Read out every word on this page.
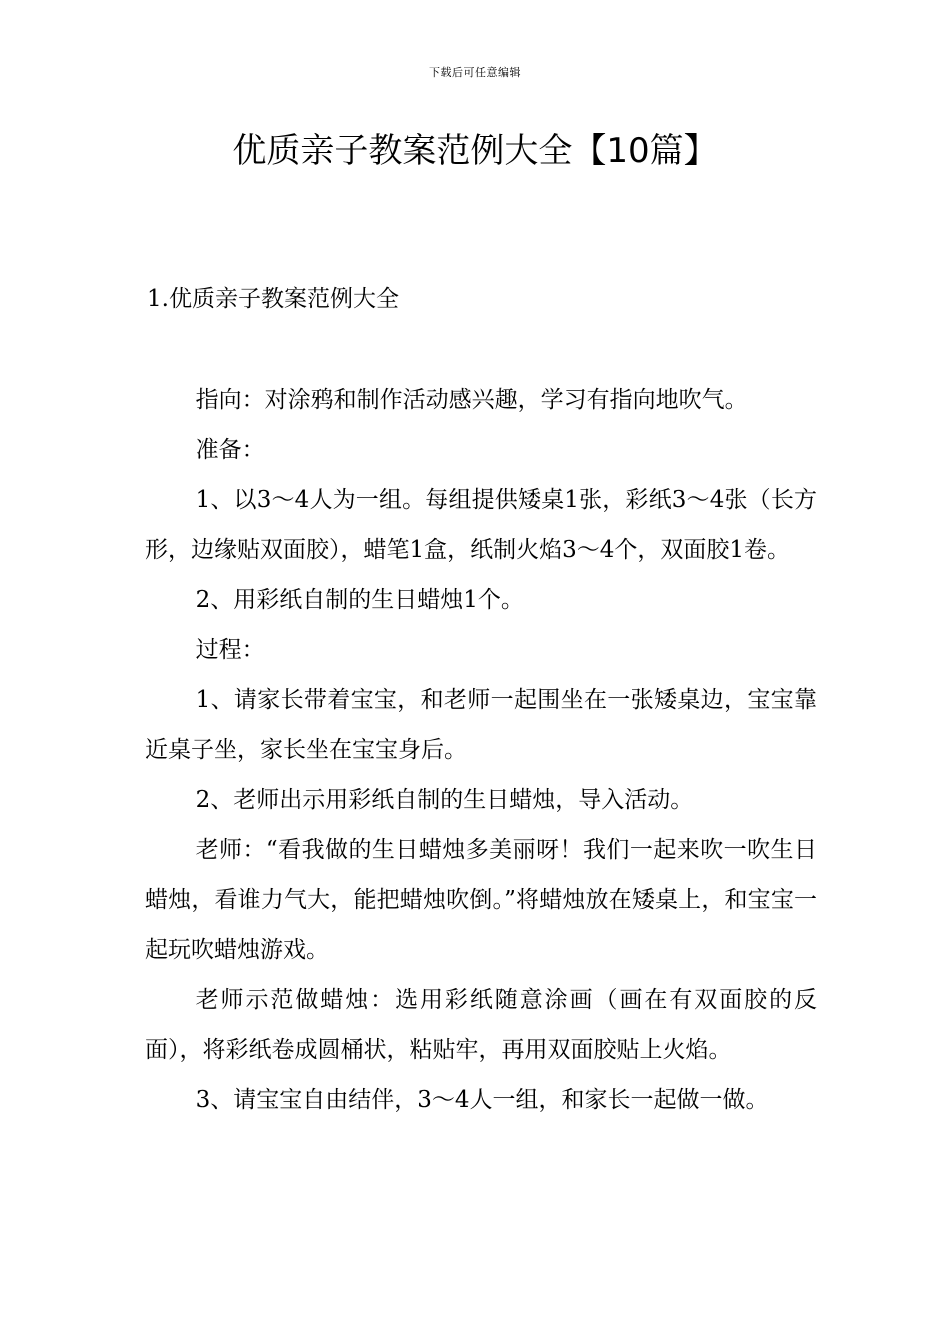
下载后可任意编辑
优质亲子教案范例大全【10篇】
1.优质亲子教案范例大全

指向：对涂鸦和制作活动感兴趣，学习有指向地吹气。

准备：

1、以3～4人为一组。每组提供矮桌1张，彩纸3～4张（长方形，边缘贴双面胶），蜡笔1盒，纸制火焰3～4个，双面胶1卷。

2、用彩纸自制的生日蜡烛1个。

过程：

1、请家长带着宝宝，和老师一起围坐在一张矮桌边，宝宝靠近桌子坐，家长坐在宝宝身后。

2、老师出示用彩纸自制的生日蜡烛，导入活动。

老师：“看我做的生日蜡烛多美丽呀！我们一起来吹一吹生日蜡烛，看谁力气大，能把蜡烛吹倒。”将蜡烛放在矮桌上，和宝宝一起玩吹蜡烛游戏。

老师示范做蜡烛：选用彩纸随意涂画（画在有双面胶的反面），将彩纸卷成圆桶状，粘贴牢，再用双面胶贴上火焰。

3、请宝宝自由结伴，3～4人一组，和家长一起做一做。
